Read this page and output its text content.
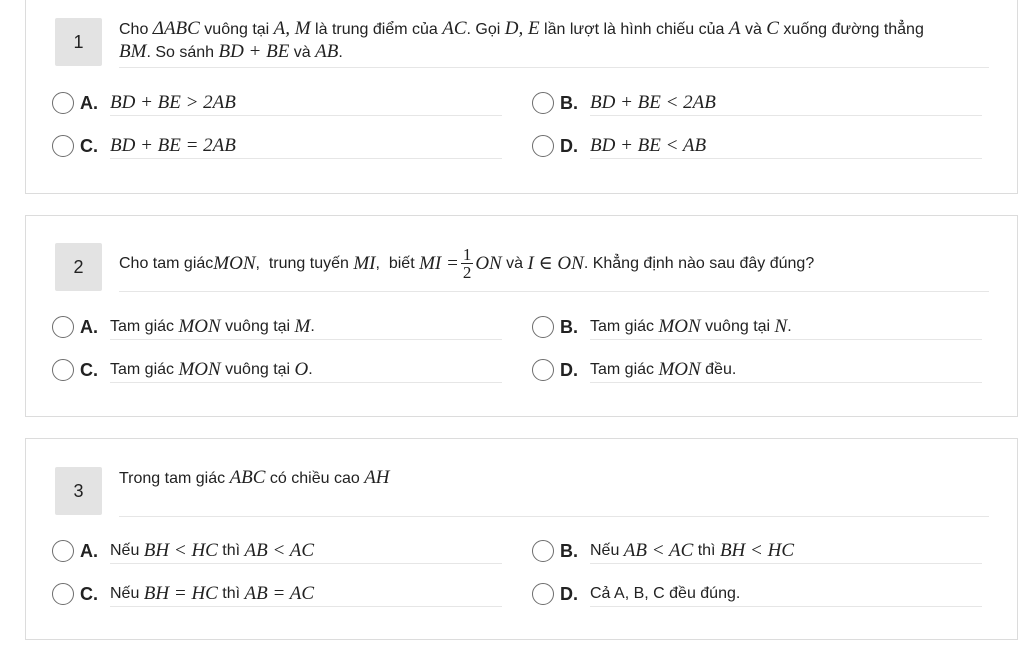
1
Cho ΔABC vuông tại A, M là trung điểm của AC. Gọi D, E lần lượt là hình chiếu của A và C xuống đường thẳng
BM. So sánh BD + BE và AB.
A. BD + BE > 2AB	B. BD + BE < 2AB
C. BD + BE = 2AB	D. BD + BE < AB
2	Cho tam giác MON ,  trung tuyến MI ,  biết MI = $\frac{1}{2}$ ON và I ∈ ON . Khẳng định nào sau đây đúng?
A. Tam giác MON vuông tại M .	B. Tam giác MON vuông tại N .
C. Tam giác MON vuông tại O .	D. Tam giác MON đều.
3
Trong tam giác ABC có chiều cao AH
A. Nếu BH < HC thì AB < AC	B. Nếu AB < AC thì BH < HC
C. Nếu BH = HC thì AB = AC	D. Cả A, B, C đều đúng.
